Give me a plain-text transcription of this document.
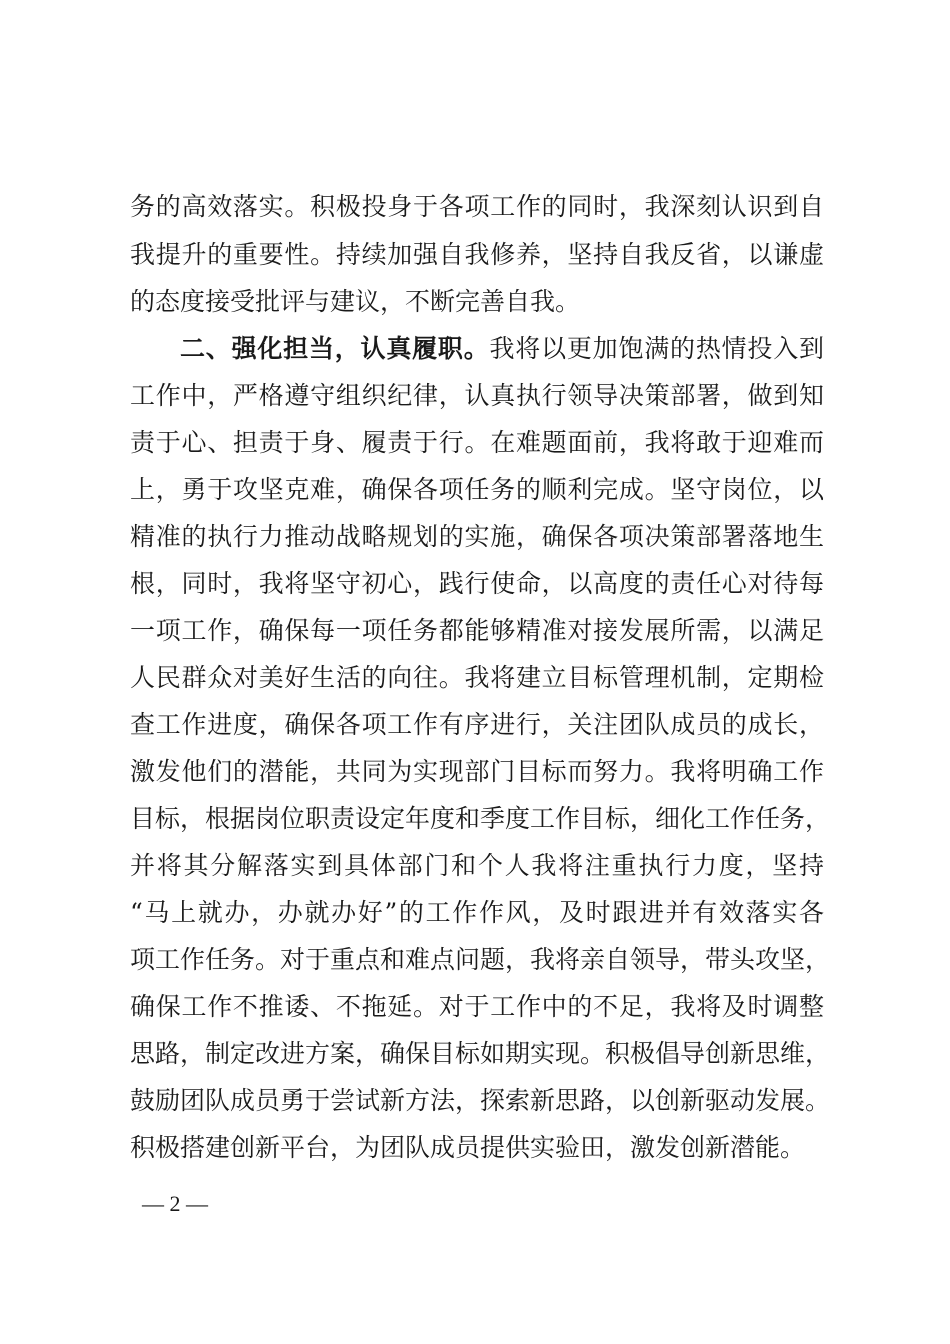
务的高效落实。积极投身于各项工作的同时，我深刻认识到自
我提升的重要性。持续加强自我修养，坚持自我反省，以谦虚
的态度接受批评与建议，不断完善自我。
二、强化担当，认真履职。我将以更加饱满的热情投入到
工作中，严格遵守组织纪律，认真执行领导决策部署，做到知
责于心、担责于身、履责于行。在难题面前，我将敢于迎难而
上，勇于攻坚克难，确保各项任务的顺利完成。坚守岗位，以
精准的执行力推动战略规划的实施，确保各项决策部署落地生
根，同时，我将坚守初心，践行使命，以高度的责任心对待每
一项工作，确保每一项任务都能够精准对接发展所需，以满足
人民群众对美好生活的向往。我将建立目标管理机制，定期检
查工作进度，确保各项工作有序进行，关注团队成员的成长，
激发他们的潜能，共同为实现部门目标而努力。我将明确工作
目标，根据岗位职责设定年度和季度工作目标，细化工作任务，
并将其分解落实到具体部门和个人我将注重执行力度，坚持
“马上就办，办就办好”的工作作风，及时跟进并有效落实各
项工作任务。对于重点和难点问题，我将亲自领导，带头攻坚，
确保工作不推诿、不拖延。对于工作中的不足，我将及时调整
思路，制定改进方案，确保目标如期实现。积极倡导创新思维，
鼓励团队成员勇于尝试新方法，探索新思路，以创新驱动发展。
积极搭建创新平台，为团队成员提供实验田，激发创新潜能。
— 2 —
